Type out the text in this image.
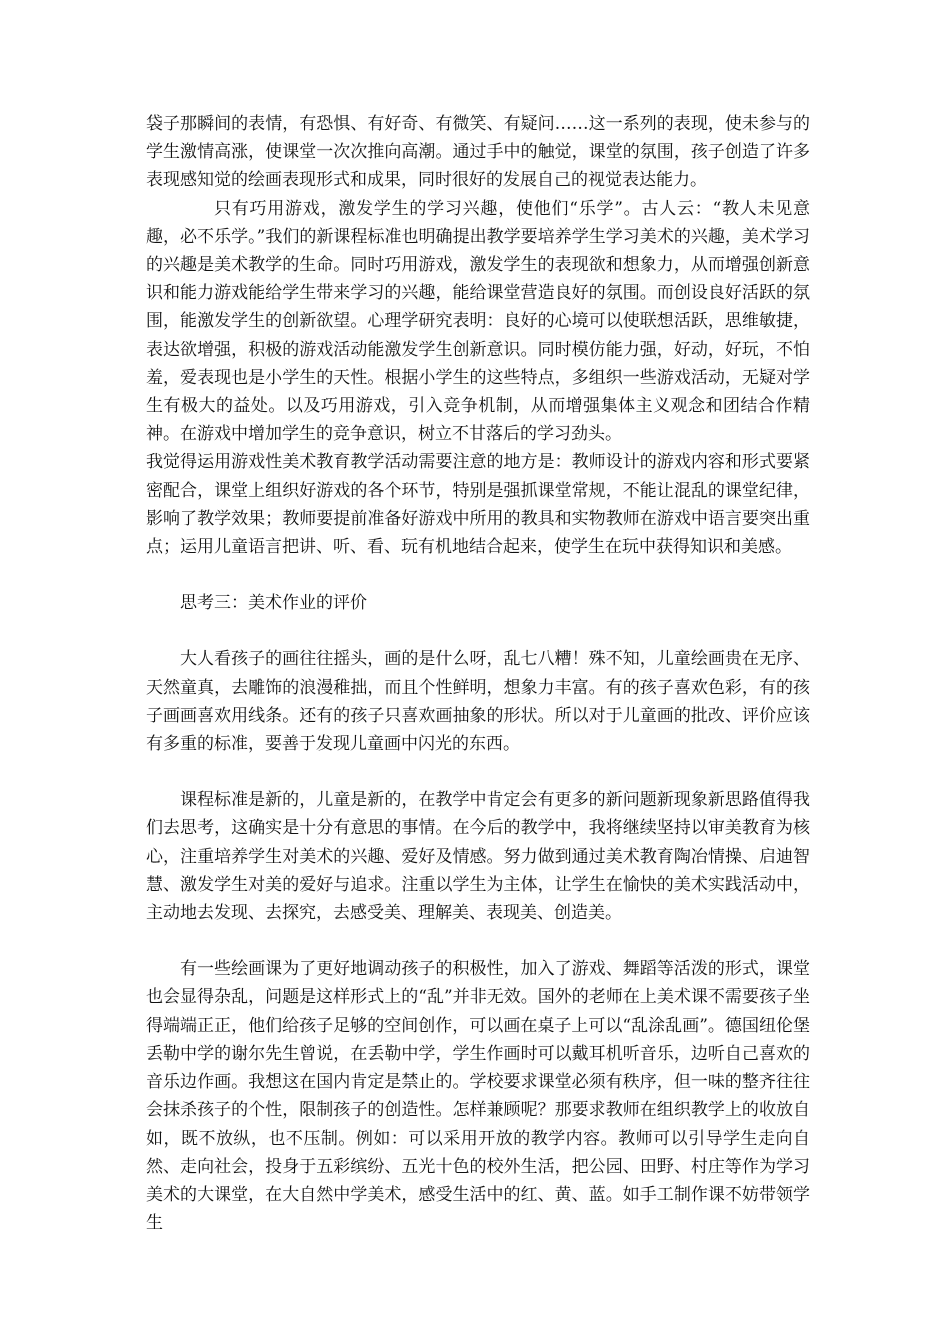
袋子那瞬间的表情，有恐惧、有好奇、有微笑、有疑问……这一系列的表现，使未参与的学生激情高涨，使课堂一次次推向高潮。通过手中的触觉，课堂的氛围，孩子创造了许多表现感知觉的绘画表现形式和成果，同时很好的发展自己的视觉表达能力。

只有巧用游戏，激发学生的学习兴趣，使他们“乐学”。古人云：“教人未见意趣，必不乐学。”我们的新课程标准也明确提出教学要培养学生学习美术的兴趣，美术学习的兴趣是美术教学的生命。同时巧用游戏，激发学生的表现欲和想象力，从而增强创新意识和能力游戏能给学生带来学习的兴趣，能给课堂营造良好的氛围。而创设良好活跃的氛围，能激发学生的创新欲望。心理学研究表明：良好的心境可以使联想活跃，思维敏捷，表达欲增强，积极的游戏活动能激发学生创新意识。同时模仿能力强，好动，好玩，不怕羞，爱表现也是小学生的天性。根据小学生的这些特点，多组织一些游戏活动，无疑对学生有极大的益处。以及巧用游戏，引入竞争机制，从而增强集体主义观念和团结合作精神。在游戏中增加学生的竞争意识，树立不甘落后的学习劲头。

我觉得运用游戏性美术教育教学活动需要注意的地方是：教师设计的游戏内容和形式要紧密配合，课堂上组织好游戏的各个环节，特别是强抓课堂常规，不能让混乱的课堂纪律，影响了教学效果；教师要提前准备好游戏中所用的教具和实物教师在游戏中语言要突出重点；运用儿童语言把讲、听、看、玩有机地结合起来，使学生在玩中获得知识和美感。

思考三：美术作业的评价

大人看孩子的画往往摇头，画的是什么呀，乱七八糟！殊不知，儿童绘画贵在无序、天然童真，去雕饰的浪漫稚拙，而且个性鲜明，想象力丰富。有的孩子喜欢色彩，有的孩子画画喜欢用线条。还有的孩子只喜欢画抽象的形状。所以对于儿童画的批改、评价应该有多重的标准，要善于发现儿童画中闪光的东西。

课程标准是新的，儿童是新的，在教学中肯定会有更多的新问题新现象新思路值得我们去思考，这确实是十分有意思的事情。在今后的教学中，我将继续坚持以审美教育为核心，注重培养学生对美术的兴趣、爱好及情感。努力做到通过美术教育陶冶情操、启迪智慧、激发学生对美的爱好与追求。注重以学生为主体，让学生在愉快的美术实践活动中，主动地去发现、去探究，去感受美、理解美、表现美、创造美。

有一些绘画课为了更好地调动孩子的积极性，加入了游戏、舞蹈等活泼的形式，课堂也会显得杂乱，问题是这样形式上的“乱”并非无效。国外的老师在上美术课不需要孩子坐得端端正正，他们给孩子足够的空间创作，可以画在桌子上可以“乱涂乱画”。德国纽伦堡丢勒中学的谢尔先生曾说，在丢勒中学，学生作画时可以戴耳机听音乐，边听自己喜欢的音乐边作画。我想这在国内肯定是禁止的。学校要求课堂必须有秩序，但一味的整齐往往会抹杀孩子的个性，限制孩子的创造性。怎样兼顾呢？那要求教师在组织教学上的收放自如，既不放纵，也不压制。例如：可以采用开放的教学内容。教师可以引导学生走向自然、走向社会，投身于五彩缤纷、五光十色的校外生活，把公园、田野、村庄等作为学习美术的大课堂，在大自然中学美术，感受生活中的红、黄、蓝。如手工制作课不妨带领学生
